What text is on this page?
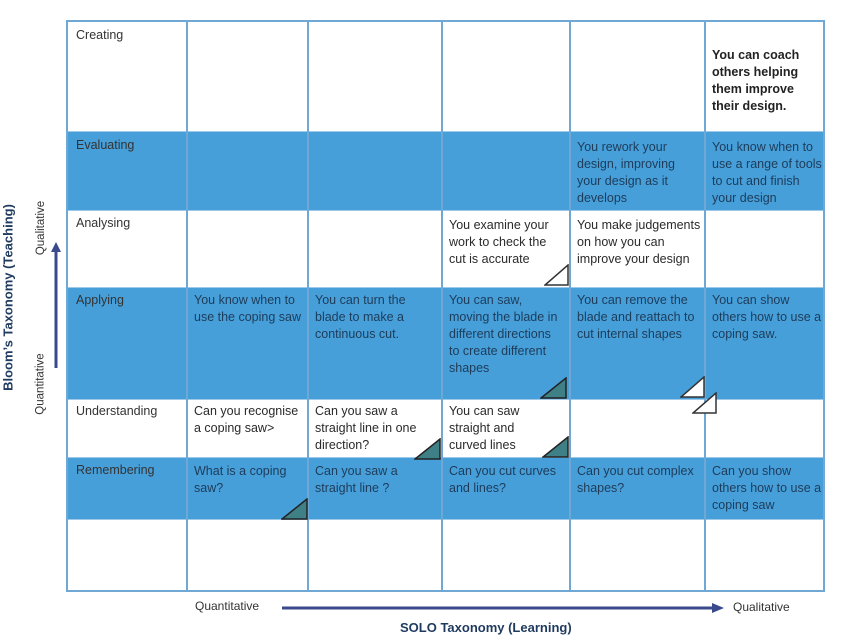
Creating
Evaluating
Analysing
Applying
Understanding
Remembering
You can coach others helping them improve their design.
You rework your design, improving your design as it develops
You know when to use a range of tools to cut and finish your design
You examine your work to check the cut is accurate
You make judgements on how you can improve your design
You know when to use the coping saw
You can turn the blade to make a continuous cut.
You can saw, moving the blade in different directions to create different shapes
You can remove the blade and reattach to cut internal shapes
You can show others how to use a coping saw.
Can you recognise a coping saw>
Can you saw a straight line in one direction?
You can saw straight and curved lines
What is a coping saw?
Can you saw a straight line ?
Can you cut curves and lines?
Can you cut complex shapes?
Can you show others how to use a coping saw
Bloom’s Taxonomy (Teaching) Quantitative
Qualitative
Quantitative	Qualitative
SOLO Taxonomy (Learning)
